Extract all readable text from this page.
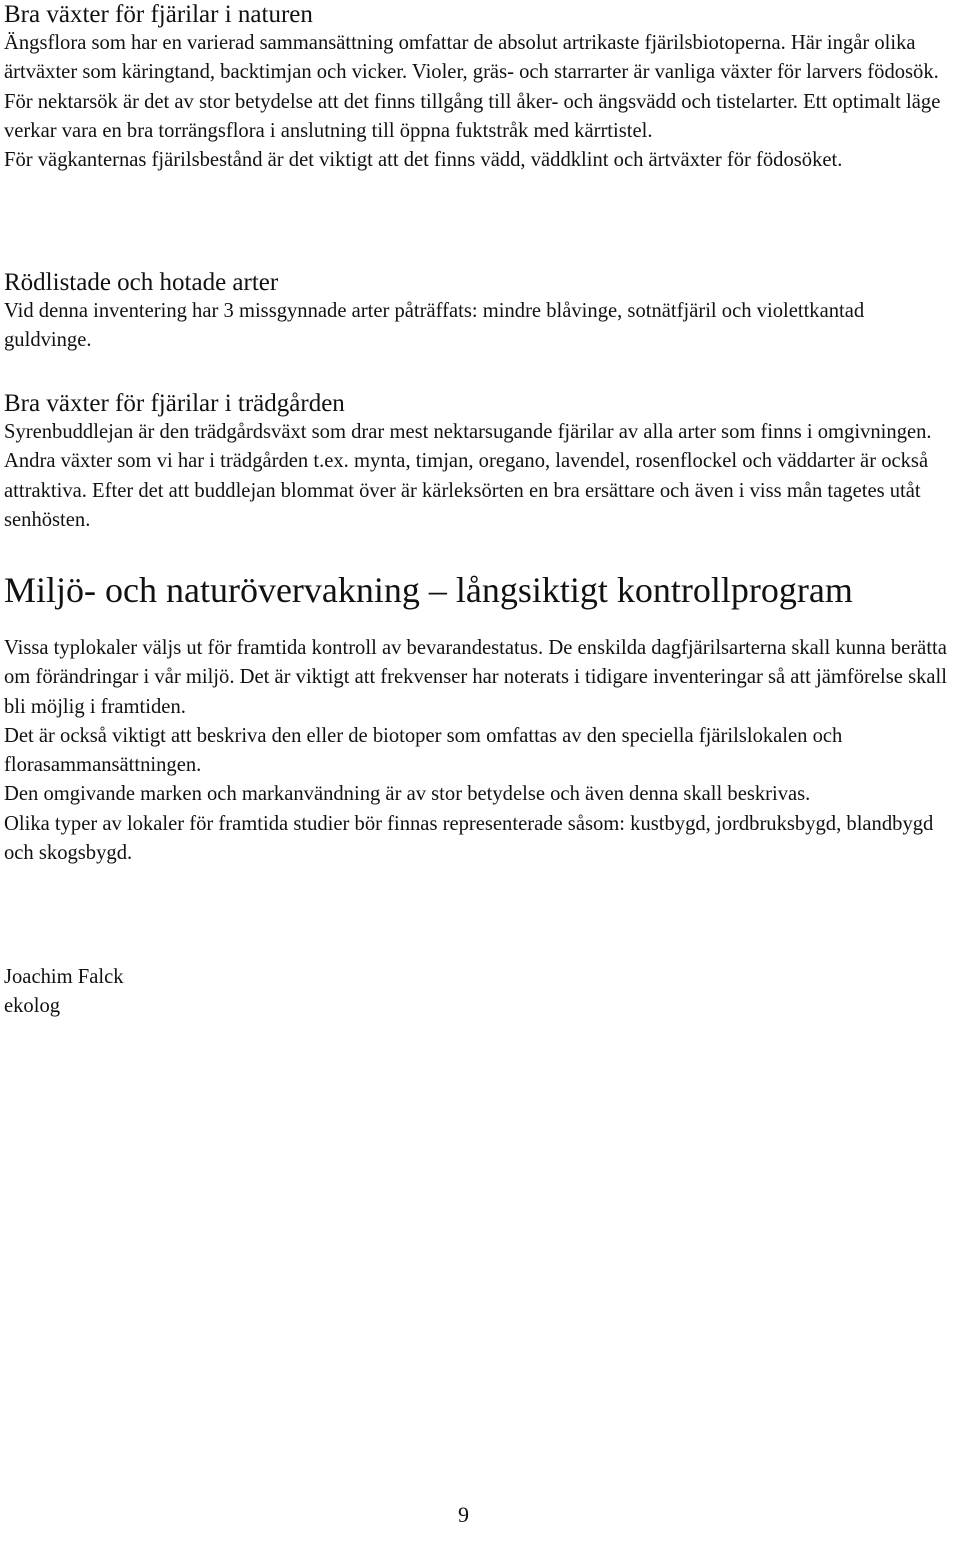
Bra växter för fjärilar i naturen

Ängsflora som har en varierad sammansättning omfattar de absolut artrikaste fjärilsbiotoperna. Här ingår olika ärtväxter som käringtand, backtimjan och vicker. Violer, gräs- och starrarter är vanliga växter för larvers födosök. För nektarsök är det av stor betydelse att det finns tillgång till åker- och ängsvädd och tistelarter. Ett optimalt läge verkar vara en bra torrängsflora i anslutning till öppna fuktstråk med kärrtistel.

För vägkanternas fjärilsbestånd är det viktigt att det finns vädd, väddklint och ärtväxter för födosöket.

Rödlistade och hotade arter

Vid denna inventering har 3 missgynnade arter påträffats: mindre blåvinge, sotnätfjäril och violettkantad guldvinge.

Bra växter för fjärilar i trädgården

Syrenbuddlejan är den trädgårdsväxt som drar mest nektarsugande fjärilar av alla arter som finns i omgivningen. Andra växter som vi har i trädgården t.ex. mynta, timjan, oregano, lavendel, rosenflockel och väddarter är också attraktiva. Efter det att buddlejan blommat över är kärleksörten en bra ersättare och även i viss mån tagetes utåt senhösten.

Miljö- och naturövervakning – långsiktigt kontrollprogram

Vissa typlokaler väljs ut för framtida kontroll av bevarandestatus. De enskilda dagfjärilsarterna skall kunna berätta om förändringar i vår miljö. Det är viktigt att frekvenser har noterats i tidigare inventeringar så att jämförelse skall bli möjlig i framtiden.

Det är också viktigt att beskriva den eller de biotoper som omfattas av den speciella fjärilslokalen och florasammansättningen.

Den omgivande marken och markanvändning är av stor betydelse och även denna skall beskrivas.

Olika typer av lokaler för framtida studier bör finnas representerade såsom: kustbygd, jordbruksbygd, blandbygd och skogsbygd.

Joachim Falck

ekolog

9
